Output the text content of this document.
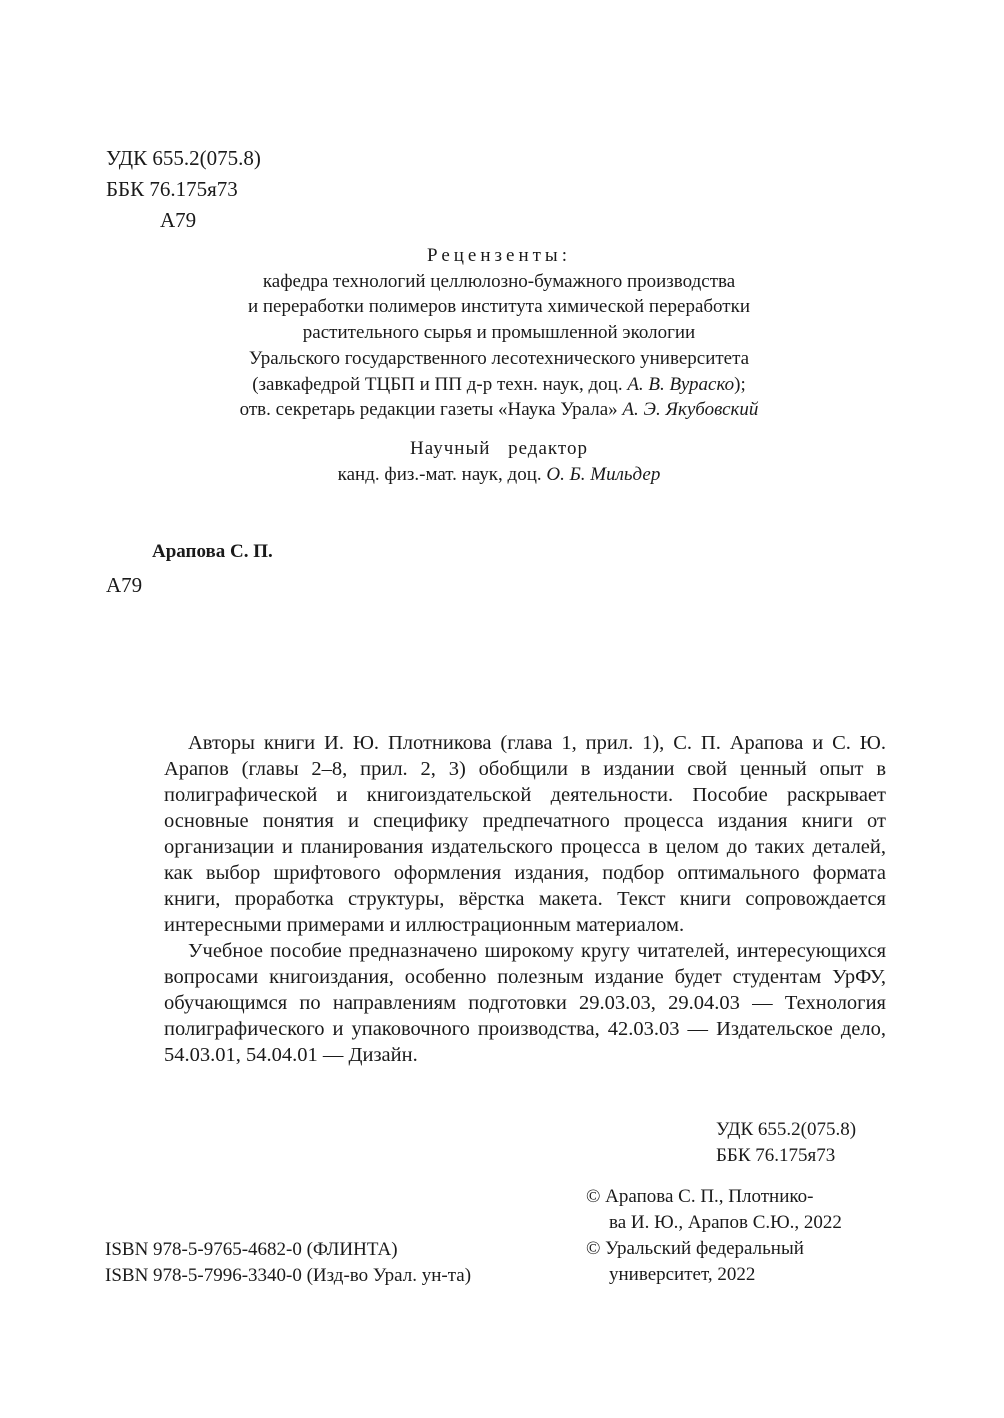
УДК 655.2(075.8)
ББК 76.175я73
А79
Рецензенты:
кафедра технологий целлюлозно-бумажного производства
и переработки полимеров института химической переработки
растительного сырья и промышленной экологии
Уральского государственного лесотехнического университета
(завкафедрой ТЦБП и ПП д-р техн. наук, доц. А. В. Вураско);
отв. секретарь редакции газеты «Наука Урала» А. Э. Якубовский
Научный редактор
канд. физ.-мат. наук, доц. О. Б. Мильдер
Арапова С. П.
А79

Авторы книги И. Ю. Плотникова (глава 1, прил. 1), С. П. Арапова и С. Ю. Арапов (главы 2–8, прил. 2, 3) обобщили в издании свой ценный опыт в полиграфической и книгоиздательской деятельности. Пособие раскрывает основные понятия и специфику предпечатного процесса издания книги от организации и планирования издательского процесса в целом до таких деталей, как выбор шрифтового оформления издания, подбор оптимального формата книги, проработка структуры, вёрстка макета. Текст книги сопровождается интересными примерами и иллюстрационным материалом.

Учебное пособие предназначено широкому кругу читателей, интересующихся вопросами книгоиздания, особенно полезным издание будет студентам УрФУ, обучающимся по направлениям подготовки 29.03.03, 29.04.03 — Технология полиграфического и упаковочного производства, 42.03.03 — Издательское дело, 54.03.01, 54.04.01 — Дизайн.

УДК 655.2(075.8)
ББК 76.175я73
© Арапова С. П., Плотнико-
ва И. Ю., Арапов С.Ю., 2022
© Уральский федеральный
университет, 2022
ISBN 978-5-9765-4682-0 (ФЛИНТА)
ISBN 978-5-7996-3340-0 (Изд-во Урал. ун-та)
